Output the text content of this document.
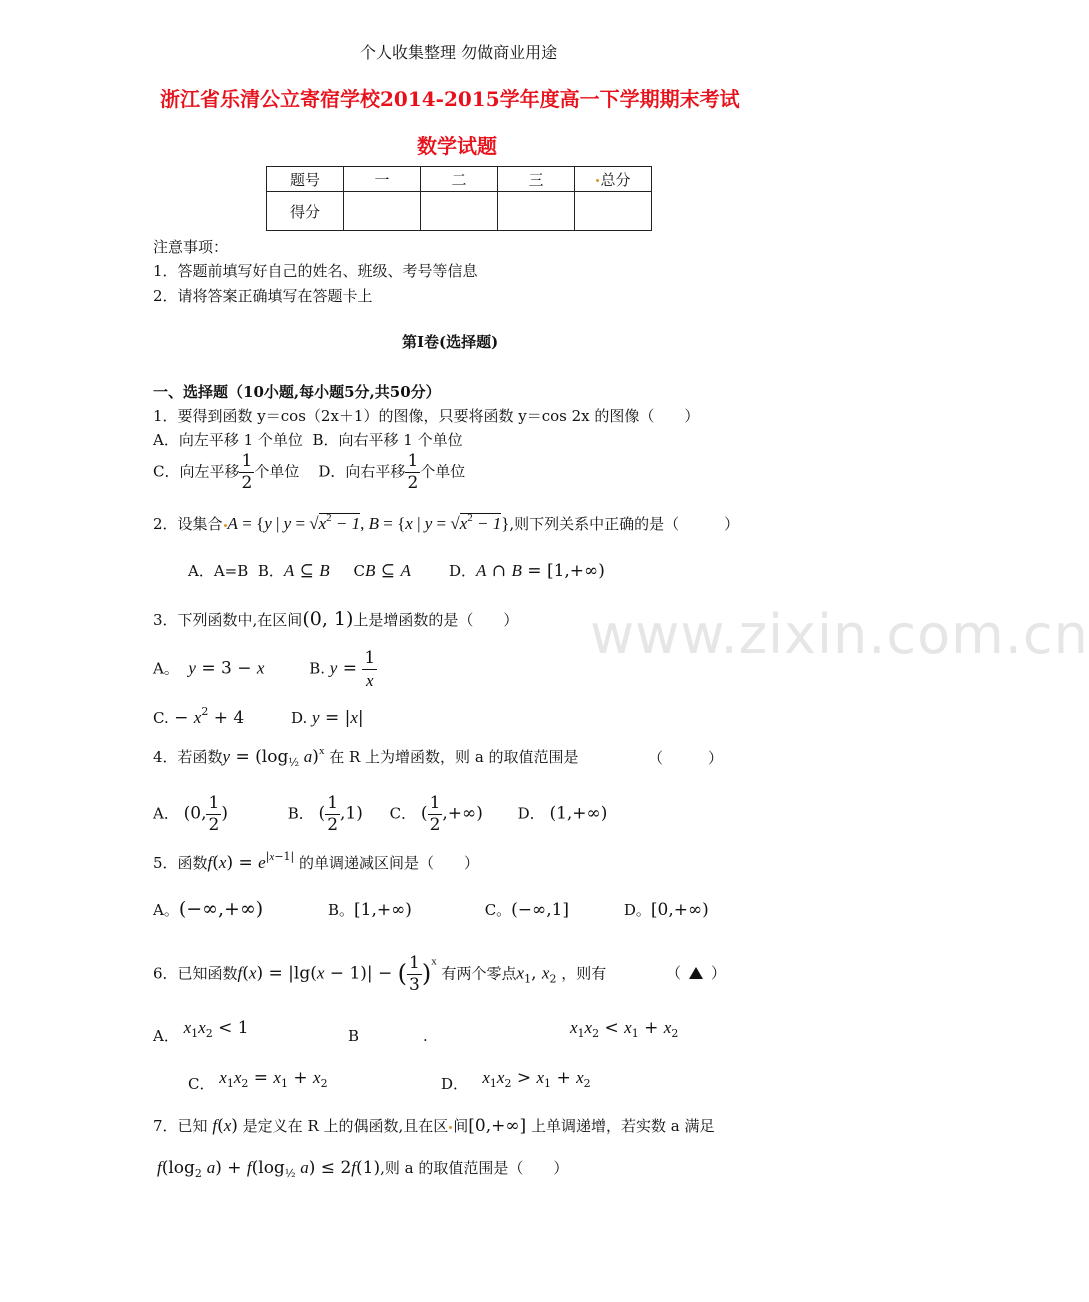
www.zixin.com.cn
个人收集整理 勿做商业用途
浙江省乐清公立寄宿学校2014-2015学年度高一下学期期末考试
数学试题
题号	一	二	三	总分
得分				
注意事项：
1．答题前填写好自己的姓名、班级、考号等信息
2．请将答案正确填写在答题卡上
第I卷(选择题)
一、选择题（10小题,每小题5分,共50分）
1．要得到函数 y＝cos（2x＋1）的图像，只要将函数 y＝cos 2x 的图像（　　）
A．向左平移 1 个单位 B．向右平移 1 个单位
C．向左平移 $\frac{1}{2}$ 个单位 D．向右平移 $\frac{1}{2}$ 个单位
2．设集合 A = {y | $y = √x^2 - 1$, B = {x | $y = √x^2 - 1$},则下列关系中正确的是（　　　）
A．A=B B．A ⊆ B CB ⊆ A	D．A ∩ B = [1,+∞)
3．下列函数中,在区间(0, 1)上是增函数的是（　　）
A。 y = 3 − x	B. $y = \frac{1}{x}$
C. − $x^2 + 4$	D. y = |x|
4．若函数$y = (\log_{\frac{1}{2}}$ a)$^x$ 在 R 上为增函数，则 a 的取值范围是	（　　　）
A． (0, $\frac{1}{2}$ )	B． ( $\frac{1}{2} ,1$) C． ( $\frac{1}{2}$ ,+∞) D． (1,+∞)
5．函数$f(x) = e^{|x-1|}$ 的单调递减区间是（　　）
A。(−∞,+∞)	B。[1,+∞)	C。(−∞,1]	D。[0,+∞)
6．已知函数f(x) = |lg(x − 1)| − ( $\frac{1}{3} )^x$ 有两个零点$x_1$, $x_2$ ，则有	（ ）
A． $x^1x^2 < 1$	B	.	$x_1x_2 < x_1 + x_2$
C． x1x2 = x1 + x2	D． x1x2 > x1 + x2
7．已知 f(x) 是定义在 R 上的偶函数,且在区 间[0,+∞] 上单调递增，若实数 a 满足
$f(\log_2$ $a) + f(\log_{\frac{1}{2}}$ a) ≤ 2f(1),则 a 的取值范围是（　　）
